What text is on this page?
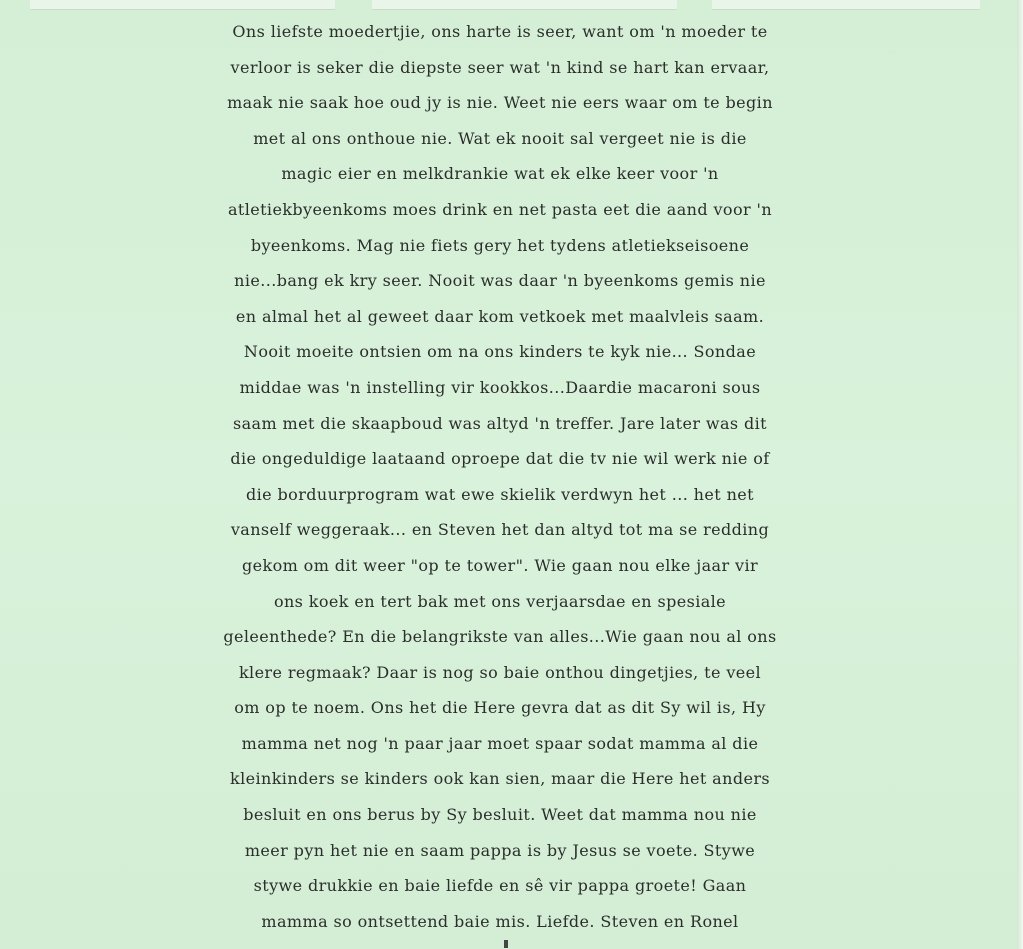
Ons liefste moedertjie, ons harte is seer, want om 'n moeder te
verloor is seker die diepste seer wat 'n kind se hart kan ervaar,
maak nie saak hoe oud jy is nie. Weet nie eers waar om te begin
met al ons onthoue nie. Wat ek nooit sal vergeet nie is die
magic eier en melkdrankie wat ek elke keer voor 'n
atletiekbyeenkoms moes drink en net pasta eet die aand voor 'n
byeenkoms. Mag nie fiets gery het tydens atletiekseisoene
nie...bang ek kry seer. Nooit was daar 'n byeenkoms gemis nie
en almal het al geweet daar kom vetkoek met maalvleis saam.
Nooit moeite ontsien om na ons kinders te kyk nie... Sondae
middae was 'n instelling vir kookkos...Daardie macaroni sous
saam met die skaapboud was altyd 'n treffer. Jare later was dit
die ongeduldige laataand oproepe dat die tv nie wil werk nie of
die borduurprogram wat ewe skielik verdwyn het ... het net
vanself weggeraak... en Steven het dan altyd tot ma se redding
gekom om dit weer "op te tower". Wie gaan nou elke jaar vir
ons koek en tert bak met ons verjaarsdae en spesiale
geleenthede? En die belangrikste van alles...Wie gaan nou al ons
klere regmaak? Daar is nog so baie onthou dingetjies, te veel
om op te noem. Ons het die Here gevra dat as dit Sy wil is, Hy
mamma net nog 'n paar jaar moet spaar sodat mamma al die
kleinkinders se kinders ook kan sien, maar die Here het anders
besluit en ons berus by Sy besluit. Weet dat mamma nou nie
meer pyn het nie en saam pappa is by Jesus se voete. Stywe
stywe drukkie en baie liefde en sê vir pappa groete! Gaan
mamma so ontsettend baie mis. Liefde. Steven en Ronel
